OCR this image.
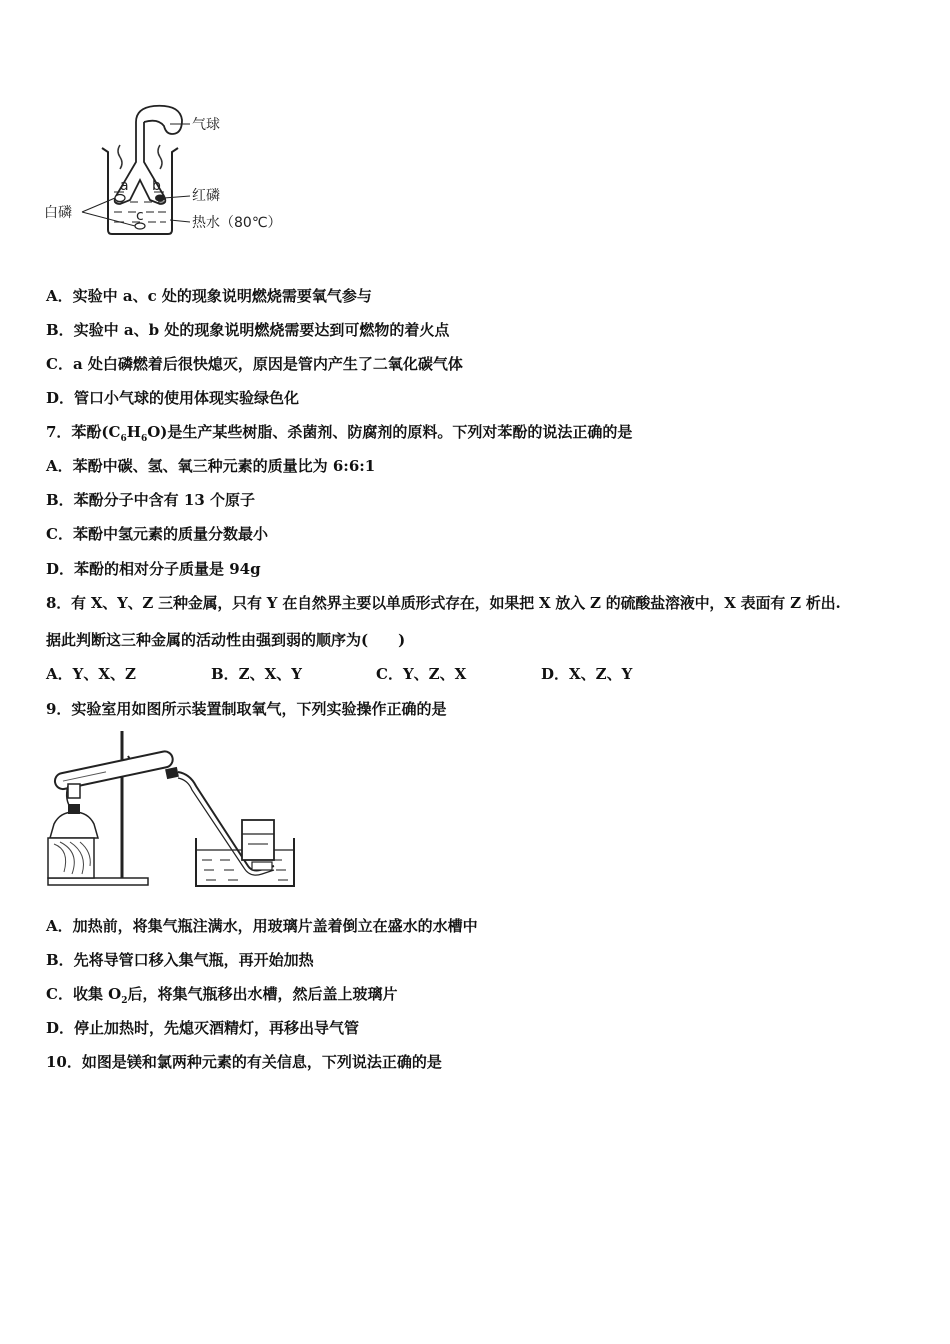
a b
c
气球
红磷
白磷
热水（80℃）
A．实验中 a、c 处的现象说明燃烧需要氧气参与
B．实验中 a、b 处的现象说明燃烧需要达到可燃物的着火点
C．a 处白磷燃着后很快熄灭，原因是管内产生了二氧化碳气体
D．管口小气球的使用体现实验绿色化
7．苯酚$(C_6H_6O)$是生产某些树脂、杀菌剂、防腐剂的原料。下列对苯酚的说法正确的是
A．苯酚中碳、氢、氧三种元素的质量比为 6:6:1
B．苯酚分子中含有 13 个原子
C．苯酚中氢元素的质量分数最小
D．苯酚的相对分子质量是 94g
8．有 X、Y、Z 三种金属，只有 Y 在自然界主要以单质形式存在，如果把 X 放入 Z 的硫酸盐溶液中，X 表面有 Z 析出.
据此判断这三种金属的活动性由强到弱的顺序为(　　)
A．Y、X、Z	B．Z、X、Y	C．Y、Z、X	D．X、Z、Y
9．实验室用如图所示装置制取氧气，下列实验操作正确的是
A．加热前，将集气瓶注满水，用玻璃片盖着倒立在盛水的水槽中
B．先将导管口移入集气瓶，再开始加热
C．收集 $O_2$后，将集气瓶移出水槽，然后盖上玻璃片
D．停止加热时，先熄灭酒精灯，再移出导气管
10．如图是镁和氯两种元素的有关信息，下列说法正确的是
